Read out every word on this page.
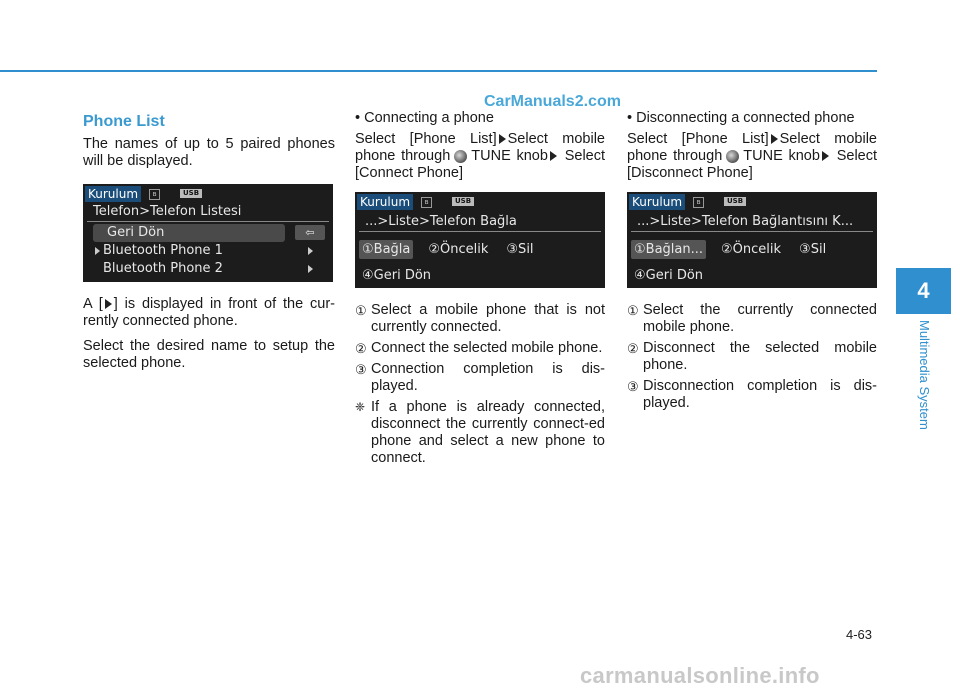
CarManuals2.com
Phone List

The names of up to 5 paired phones will be displayed.

Kurulum	ʙ	USB
Telefon>Telefon Listesi
Geri Dön	⇦
Bluetooth Phone 1
Bluetooth Phone 2

A [ ] is displayed in front of the cur-rently connected phone.

Select the desired name to setup the selected phone.

• Connecting a phone

Select [Phone List] Select mobile phone through TUNE knob Select [Connect Phone]

Kurulum	ʙ	USB
...>Liste>Telefon Bağla
①Bağla ②Öncelik ③Sil
④Geri Dön
① Select a mobile phone that is not currently connected.
② Connect the selected mobile phone.
③ Connection completion is dis-played.
❈ If a phone is already connected, disconnect the currently connect-ed phone and select a new phone to connect.
• Disconnecting a connected phone

Select [Phone List] Select mobile phone through TUNE knob Select [Disconnect Phone]

Kurulum	ʙ	USB
...>Liste>Telefon Bağlantısını K...
①Bağlan... ②Öncelik ③Sil
④Geri Dön
① Select the currently connected mobile phone.
② Disconnect the selected mobile phone.
③ Disconnection completion is dis-played.
4
Multimedia System
4-63
carmanualsonline.info
